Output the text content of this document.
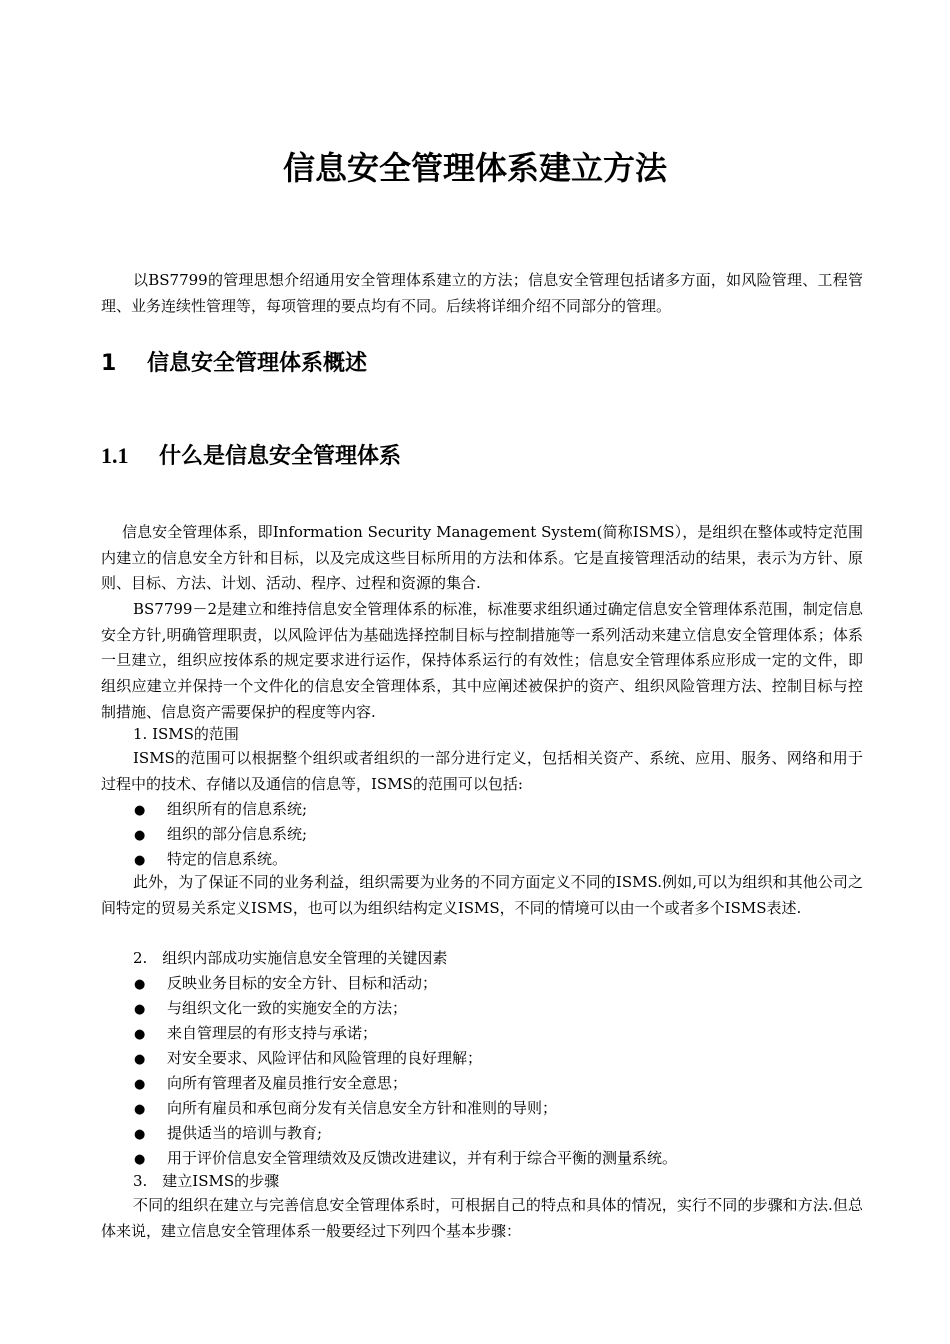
信息安全管理体系建立方法

以BS7799的管理思想介绍通用安全管理体系建立的方法；信息安全管理包括诸多方面，如风险管理、工程管理、业务连续性管理等，每项管理的要点均有不同。后续将详细介绍不同部分的管理。

1 信息安全管理体系概述
1.1 什么是信息安全管理体系

信息安全管理体系，即Information Security Management System(简称ISMS），是组织在整体或特定范围内建立的信息安全方针和目标，以及完成这些目标所用的方法和体系。它是直接管理活动的结果，表示为方针、原则、目标、方法、计划、活动、程序、过程和资源的集合.

BS7799－2是建立和维持信息安全管理体系的标准，标准要求组织通过确定信息安全管理体系范围，制定信息安全方针,明确管理职责，以风险评估为基础选择控制目标与控制措施等一系列活动来建立信息安全管理体系；体系一旦建立，组织应按体系的规定要求进行运作，保持体系运行的有效性；信息安全管理体系应形成一定的文件，即组织应建立并保持一个文件化的信息安全管理体系，其中应阐述被保护的资产、组织风险管理方法、控制目标与控制措施、信息资产需要保护的程度等内容.

1. ISMS的范围

ISMS的范围可以根据整个组织或者组织的一部分进行定义，包括相关资产、系统、应用、服务、网络和用于过程中的技术、存储以及通信的信息等，ISMS的范围可以包括:

● 组织所有的信息系统;
● 组织的部分信息系统;
● 特定的信息系统。

此外，为了保证不同的业务利益，组织需要为业务的不同方面定义不同的ISMS.例如,可以为组织和其他公司之间特定的贸易关系定义ISMS，也可以为组织结构定义ISMS，不同的情境可以由一个或者多个ISMS表述.

2.　组织内部成功实施信息安全管理的关键因素

● 反映业务目标的安全方针、目标和活动；
● 与组织文化一致的实施安全的方法；
● 来自管理层的有形支持与承诺；
● 对安全要求、风险评估和风险管理的良好理解；
● 向所有管理者及雇员推行安全意思；
● 向所有雇员和承包商分发有关信息安全方针和准则的导则；
● 提供适当的培训与教育;
● 用于评价信息安全管理绩效及反馈改进建议，并有利于综合平衡的测量系统。

3.　建立ISMS的步骤

不同的组织在建立与完善信息安全管理体系时，可根据自己的特点和具体的情况，实行不同的步骤和方法.但总体来说，建立信息安全管理体系一般要经过下列四个基本步骤：
